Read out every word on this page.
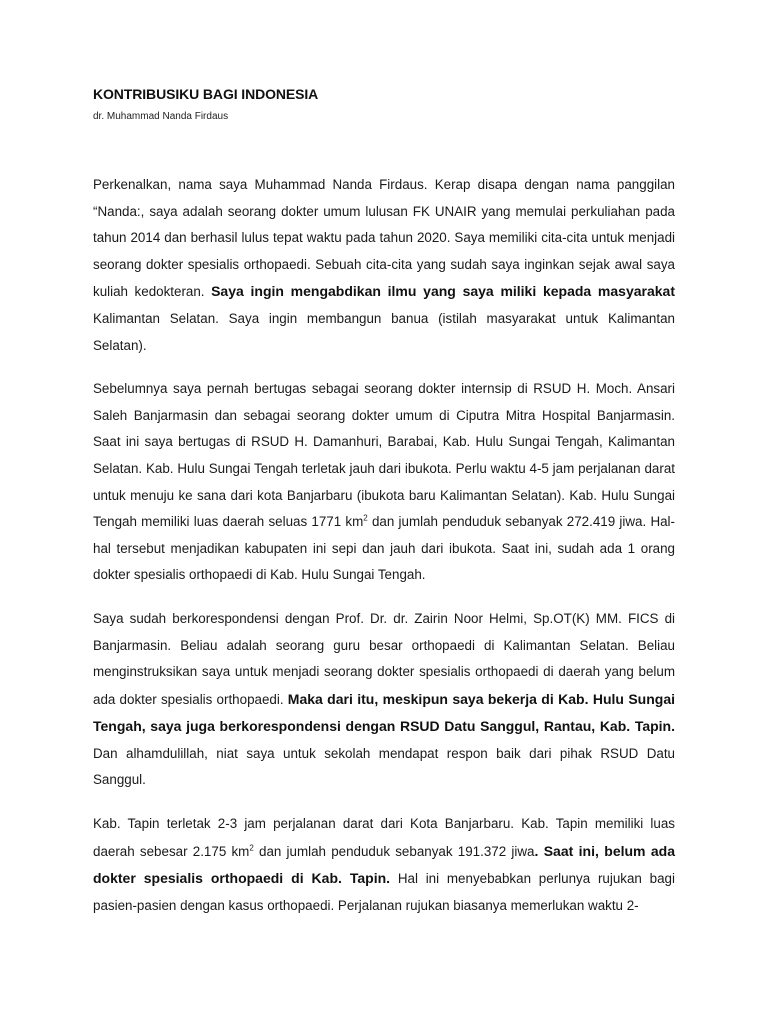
KONTRIBUSIKU BAGI INDONESIA
dr. Muhammad Nanda Firdaus

Perkenalkan, nama saya Muhammad Nanda Firdaus. Kerap disapa dengan nama panggilan “Nanda:, saya adalah seorang dokter umum lulusan FK UNAIR yang memulai perkuliahan pada tahun 2014 dan berhasil lulus tepat waktu pada tahun 2020. Saya memiliki cita-cita untuk menjadi seorang dokter spesialis orthopaedi. Sebuah cita-cita yang sudah saya inginkan sejak awal saya kuliah kedokteran. Saya ingin mengabdikan ilmu yang saya miliki kepada masyarakat Kalimantan Selatan. Saya ingin membangun banua (istilah masyarakat untuk Kalimantan Selatan).

Sebelumnya saya pernah bertugas sebagai seorang dokter internsip di RSUD H. Moch. Ansari Saleh Banjarmasin dan sebagai seorang dokter umum di Ciputra Mitra Hospital Banjarmasin. Saat ini saya bertugas di RSUD H. Damanhuri, Barabai, Kab. Hulu Sungai Tengah, Kalimantan Selatan. Kab. Hulu Sungai Tengah terletak jauh dari ibukota. Perlu waktu 4-5 jam perjalanan darat untuk menuju ke sana dari kota Banjarbaru (ibukota baru Kalimantan Selatan). Kab. Hulu Sungai Tengah memiliki luas daerah seluas 1771 $km^2$ dan jumlah penduduk sebanyak 272.419 jiwa. Hal-hal tersebut menjadikan kabupaten ini sepi dan jauh dari ibukota. Saat ini, sudah ada 1 orang dokter spesialis orthopaedi di Kab. Hulu Sungai Tengah.

Saya sudah berkorespondensi dengan Prof. Dr. dr. Zairin Noor Helmi, Sp.OT(K) MM. FICS di Banjarmasin. Beliau adalah seorang guru besar orthopaedi di Kalimantan Selatan. Beliau menginstruksikan saya untuk menjadi seorang dokter spesialis orthopaedi di daerah yang belum ada dokter spesialis orthopaedi. Maka dari itu, meskipun saya bekerja di Kab. Hulu Sungai Tengah, saya juga berkorespondensi dengan RSUD Datu Sanggul, Rantau, Kab. Tapin. Dan alhamdulillah, niat saya untuk sekolah mendapat respon baik dari pihak RSUD Datu Sanggul.

Kab. Tapin terletak 2-3 jam perjalanan darat dari Kota Banjarbaru. Kab. Tapin memiliki luas daerah sebesar 2.175 $km^2$ dan jumlah penduduk sebanyak 191.372 jiwa. Saat ini, belum ada dokter spesialis orthopaedi di Kab. Tapin. Hal ini menyebabkan perlunya rujukan bagi pasien-pasien dengan kasus orthopaedi. Perjalanan rujukan biasanya memerlukan waktu 2-
